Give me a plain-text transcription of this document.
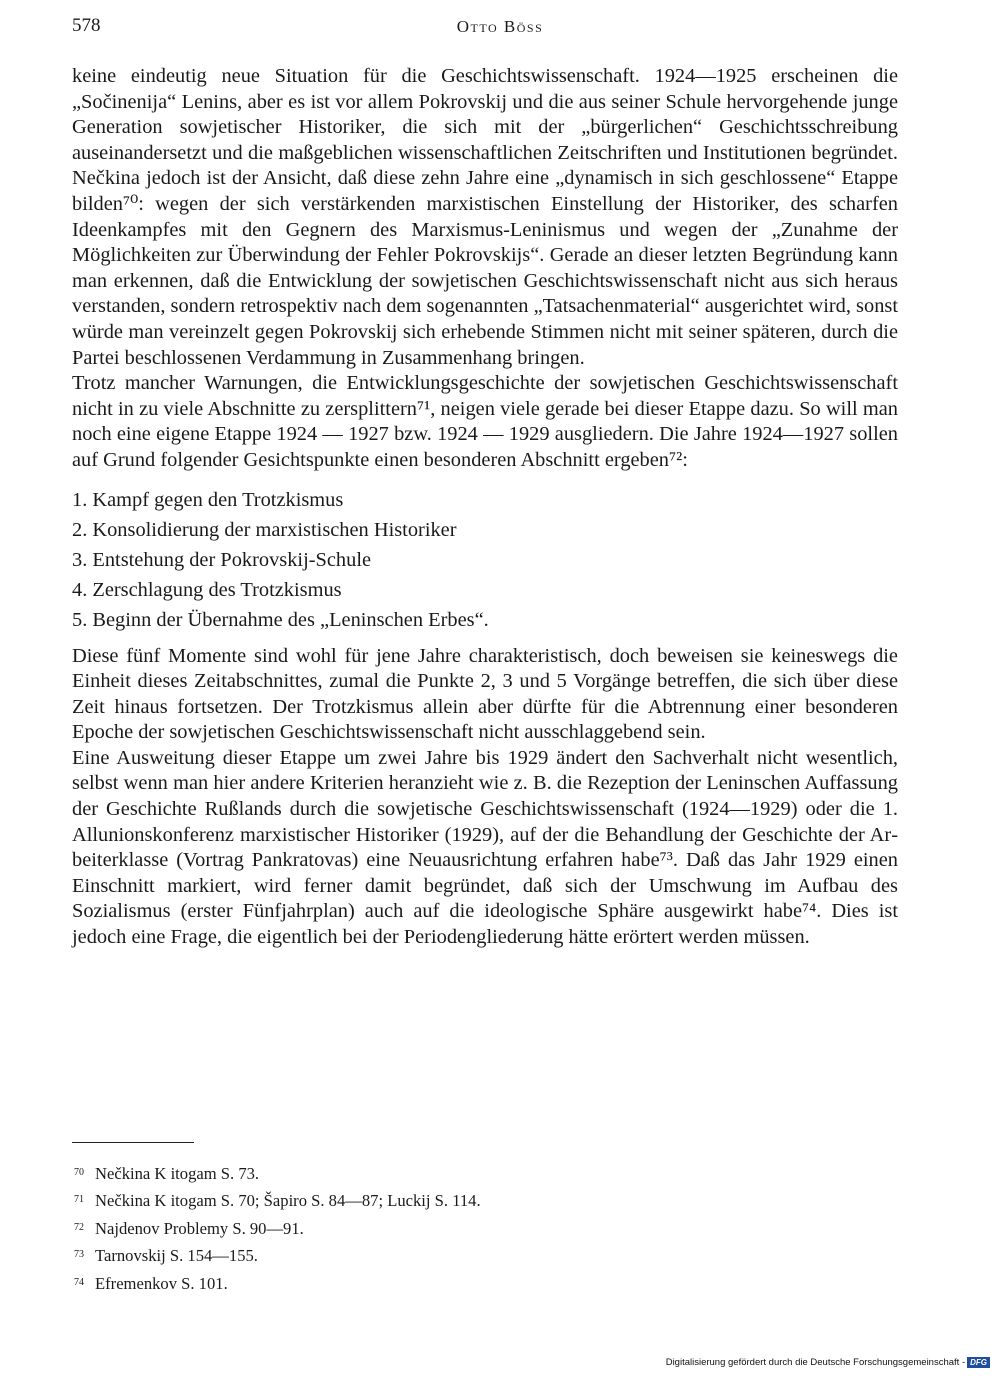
578	Otto Böss

keine eindeutig neue Situation für die Geschichtswissenschaft. 1924—1925 erscheinen die „Sočinenija“ Lenins, aber es ist vor allem Pokrovskij und die aus seiner Schule hervorgehende junge Generation sowjetischer Historiker, die sich mit der „bürgerlichen“ Geschichtsschreibung auseinandersetzt und die maßgeblichen wissenschaftlichen Zeitschriften und Institutionen begründet. Nečkina jedoch ist der Ansicht, daß diese zehn Jahre eine „dynamisch in sich geschlossene“ Etappe bilden⁷⁰: wegen der sich verstärkenden marxistischen Einstellung der Historiker, des scharfen Ideenkampfes mit den Gegnern des Marxismus-Leninismus und wegen der „Zunahme der Möglichkeiten zur Überwindung der Fehler Pokrovskijs“. Gerade an dieser letzten Begründung kann man erkennen, daß die Entwicklung der sowjetischen Geschichtswissenschaft nicht aus sich heraus verstanden, sondern retrospektiv nach dem sogenannten „Tatsachenmaterial“ ausgerichtet wird, sonst würde man vereinzelt gegen Pokrovskij sich erhebende Stimmen nicht mit seiner späteren, durch die Partei beschlossenen Verdammung in Zusammenhang bringen.

Trotz mancher Warnungen, die Entwicklungsgeschichte der sowjetischen Geschichtswissenschaft nicht in zu viele Abschnitte zu zersplittern⁷¹, neigen viele gerade bei dieser Etappe dazu. So will man noch eine eigene Etappe 1924 — 1927 bzw. 1924 — 1929 ausgliedern. Die Jahre 1924—1927 sollen auf Grund folgender Gesichtspunkte einen besonderen Abschnitt ergeben⁷²:

1. Kampf gegen den Trotzkismus
2. Konsolidierung der marxistischen Historiker
3. Entstehung der Pokrovskij-Schule
4. Zerschlagung des Trotzkismus
5. Beginn der Übernahme des „Leninschen Erbes“.

Diese fünf Momente sind wohl für jene Jahre charakteristisch, doch beweisen sie keineswegs die Einheit dieses Zeitabschnittes, zumal die Punkte 2, 3 und 5 Vorgänge betreffen, die sich über diese Zeit hinaus fortsetzen. Der Trotzkismus allein aber dürfte für die Abtrennung einer besonderen Epoche der sowjetischen Geschichtswissenschaft nicht ausschlaggebend sein.

Eine Ausweitung dieser Etappe um zwei Jahre bis 1929 ändert den Sachverhalt nicht wesentlich, selbst wenn man hier andere Kriterien heranzieht wie z. B. die Rezeption der Leninschen Auffassung der Geschichte Rußlands durch die sowjetische Geschichtswissenschaft (1924—1929) oder die 1. Allunionskonferenz marxistischer Historiker (1929), auf der die Behandlung der Geschichte der Arbeiterklasse (Vortrag Pankratovas) eine Neuausrichtung erfahren habe⁷³. Daß das Jahr 1929 einen Einschnitt markiert, wird ferner damit begründet, daß sich der Umschwung im Aufbau des Sozialismus (erster Fünfjahrplan) auch auf die ideologische Sphäre ausgewirkt habe⁷⁴. Dies ist jedoch eine Frage, die eigentlich bei der Periodengliederung hätte erörtert werden müssen.

$^{70}$ Nečkina K itogam S. 73.
$^{71}$ Nečkina K itogam S. 70; Šapiro S. 84—87; Luckij S. 114.
$^{72}$ Najdenov Problemy S. 90—91.
$^{73}$ Tarnovskij S. 154—155.
$^{74}$ Efremenkov S. 101.
Digitalisierung gefördert durch die Deutsche Forschungsgemeinschaft - DFG
